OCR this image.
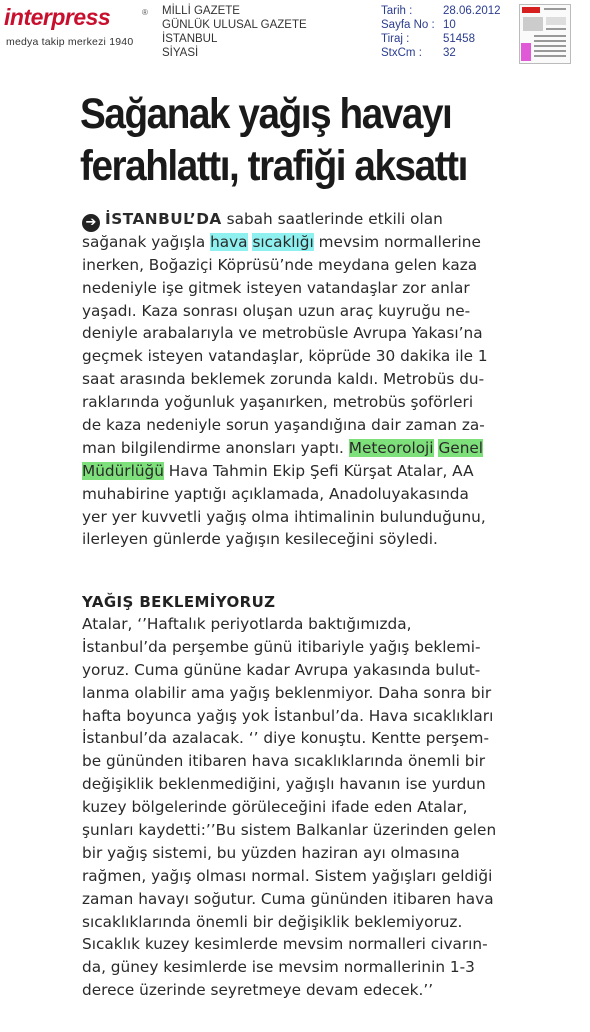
interpress	®
medya takip merkezi 1940
MİLLİ GAZETE
GÜNLÜK ULUSAL GAZETE
İSTANBUL
SİYASİ
Tarih :	28.06.2012
Sayfa No : 10
Tiraj :	51458
StxCm :	32
Sağanak yağış havayı
ferahlattı, trafiği aksattı
➔ İSTANBUL’DA sabah saatlerinde etkili olan
sağanak yağışla hava sıcaklığı mevsim normallerine
inerken, Boğaziçi Köprüsü’nde meydana gelen kaza
nedeniyle işe gitmek isteyen vatandaşlar zor anlar
yaşadı. Kaza sonrası oluşan uzun araç kuyruğu ne-
deniyle arabalarıyla ve metrobüsle Avrupa Yakası’na
geçmek isteyen vatandaşlar, köprüde 30 dakika ile 1
saat arasında beklemek zorunda kaldı. Metrobüs du-
raklarında yoğunluk yaşanırken, metrobüs şoförleri
de kaza nedeniyle sorun yaşandığına dair zaman za-
man bilgilendirme anonsları yaptı. Meteoroloji Genel
Müdürlüğü Hava Tahmin Ekip Şefi Kürşat Atalar, AA
muhabirine yaptığı açıklamada, Anadoluyakasında
yer yer kuvvetli yağış olma ihtimalinin bulunduğunu,
ilerleyen günlerde yağışın kesileceğini söyledi.
YAĞIŞ BEKLEMİYORUZ
Atalar, ‘’Haftalık periyotlarda baktığımızda,
İstanbul’da perşembe günü itibariyle yağış beklemi-
yoruz. Cuma gününe kadar Avrupa yakasında bulut-
lanma olabilir ama yağış beklenmiyor. Daha sonra bir
hafta boyunca yağış yok İstanbul’da. Hava sıcaklıkları
İstanbul’da azalacak. ‘’ diye konuştu. Kentte perşem-
be gününden itibaren hava sıcaklıklarında önemli bir
değişiklik beklenmediğini, yağışlı havanın ise yurdun
kuzey bölgelerinde görüleceğini ifade eden Atalar,
şunları kaydetti:’’Bu sistem Balkanlar üzerinden gelen
bir yağış sistemi, bu yüzden haziran ayı olmasına
rağmen, yağış olması normal. Sistem yağışları geldiği
zaman havayı soğutur. Cuma gününden itibaren hava
sıcaklıklarında önemli bir değişiklik beklemiyoruz.
Sıcaklık kuzey kesimlerde mevsim normalleri civarın-
da, güney kesimlerde ise mevsim normallerinin 1-3
derece üzerinde seyretmeye devam edecek.’’
